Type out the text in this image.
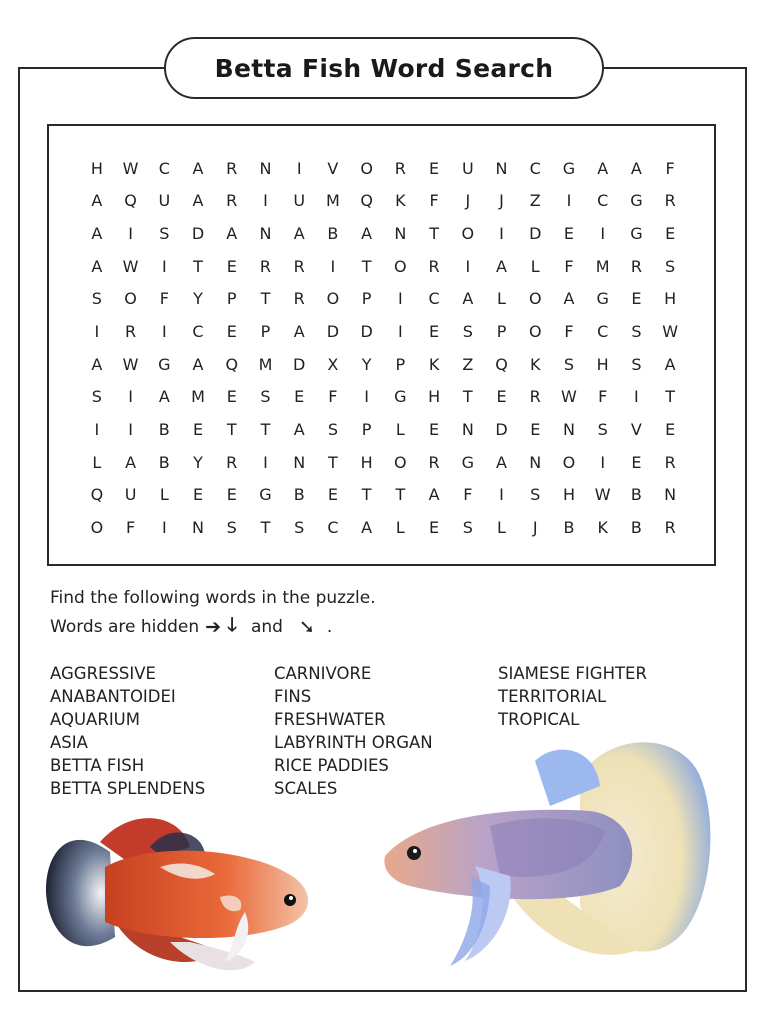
Betta Fish Word Search
H	W	C	A	R	N	I	V	O	R	E	U	N	C	G	A	A	F
A	Q	U	A	R	I	U	M	Q	K	F	J	J	Z	I	C	G	R
A	I	S	D	A	N	A	B	A	N	T	O	I	D	E	I	G	E
A	W	I	T	E	R	R	I	T	O	R	I	A	L	F	M	R	S
S	O	F	Y	P	T	R	O	P	I	C	A	L	O	A	G	E	H
I	R	I	C	E	P	A	D	D	I	E	S	P	O	F	C	S	W
A	W	G	A	Q	M	D	X	Y	P	K	Z	Q	K	S	H	S	A
S	I	A	M	E	S	E	F	I	G	H	T	E	R	W	F	I	T
I	I	B	E	T	T	A	S	P	L	E	N	D	E	N	S	V	E
L	A	B	Y	R	I	N	T	H	O	R	G	A	N	O	I	E	R
Q	U	L	E	E	G	B	E	T	T	A	F	I	S	H	W	B	N
O	F	I	N	S	T	S	C	A	L	E	S	L	J	B	K	B	R
Find the following words in the puzzle.
Words are hidden ➔ 🡓 and ➘ .
AGGRESSIVE
ANABANTOIDEI
AQUARIUM
ASIA
BETTA FISH
BETTA SPLENDENS
CARNIVORE
FINS
FRESHWATER
LABYRINTH ORGAN
RICE PADDIES
SCALES
SIAMESE FIGHTER
TERRITORIAL
TROPICAL
